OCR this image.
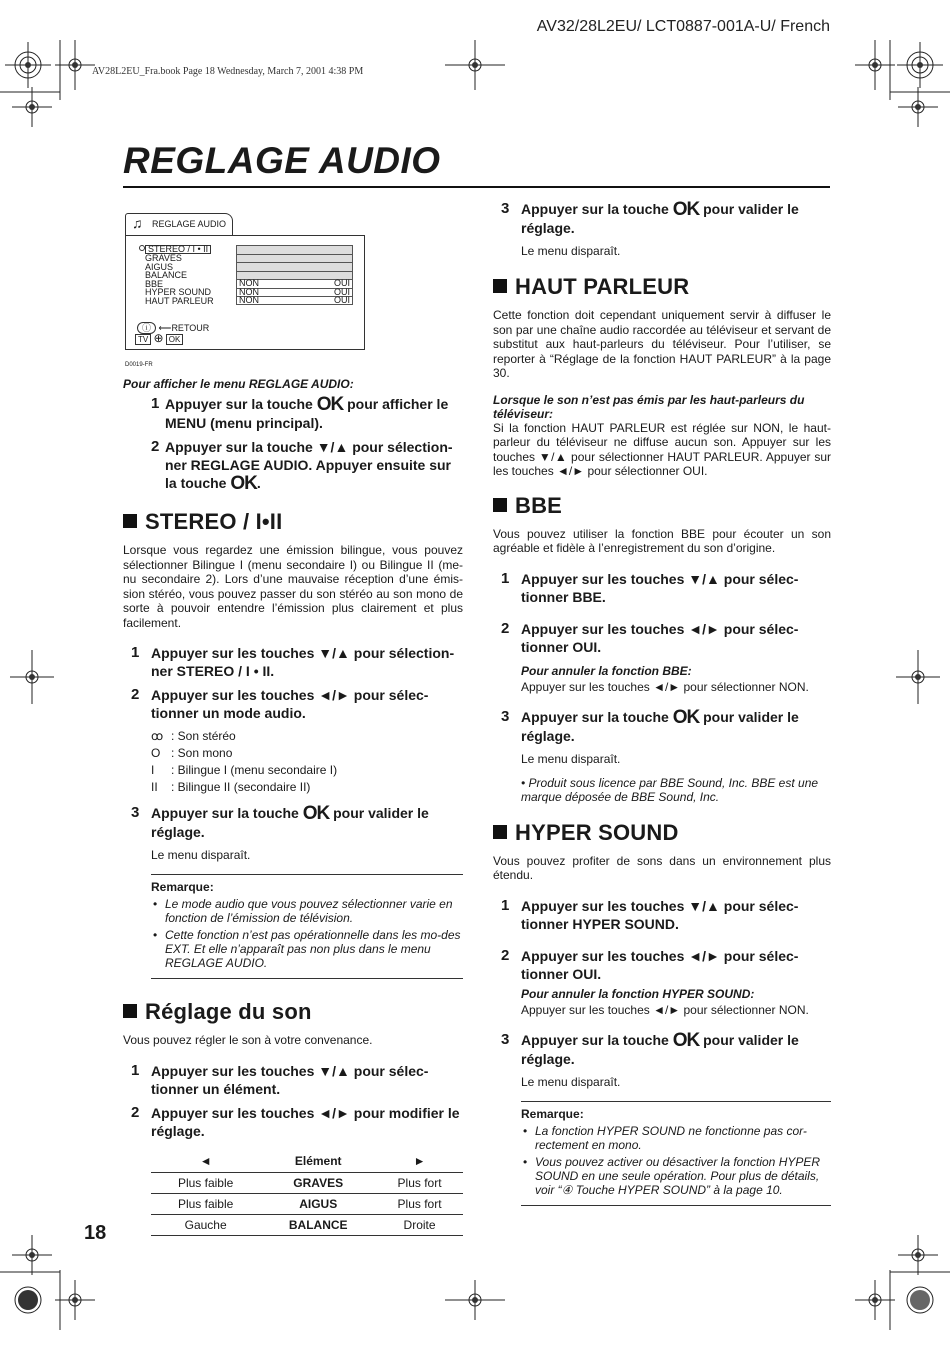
AV32/28L2EU/ LCT0887-001A-U/ French
AV28L2EU_Fra.book Page 18 Wednesday, March 7, 2001 4:38 PM
REGLAGE AUDIO
18
♫ REGLAGE AUDIO
STEREO / I • II
GRAVES
AIGUS
BALANCE
BBE
HYPER SOUND
HAUT PARLEUR
NON	OUI
NON	OUI
NON	OUI
ⓘ ⟵RETOUR
TV ⊕ OK
D0019-FR
Pour afficher le menu REGLAGE AUDIO:
1 Appuyer sur la touche OK pour afficher le MENU (menu principal).
2 Appuyer sur la touche ▼/▲ pour sélection-ner REGLAGE AUDIO. Appuyer ensuite sur la touche OK.
STEREO / I•II
Lorsque vous regardez une émission bilingue, vous pouvez sélectionner Bilingue I (menu secondaire I) ou Bilingue II (me-nu secondaire 2). Lors d’une mauvaise réception d’une émis-sion stéréo, vous pouvez passer du son stéréo au son mono de sorte à pouvoir entendre l’émission plus clairement et plus facilement.
1 Appuyer sur les touches ▼/▲ pour sélection-ner STEREO / I • II.
2 Appuyer sur les touches ◄/► pour sélec-tionner un mode audio.
ꝏ : Son stéréo
O : Son mono
I : Bilingue I (menu secondaire I)
II : Bilingue II (secondaire II)
3 Appuyer sur la touche OK pour valider le réglage.
Le menu disparaît.
Remarque:
• Le mode audio que vous pouvez sélectionner varie en fonction de l’émission de télévision.
• Cette fonction n’est pas opérationnelle dans les mo-des EXT. Et elle n’apparaît pas non plus dans le menu REGLAGE AUDIO.
Réglage du son
Vous pouvez régler le son à votre convenance.
1 Appuyer sur les touches ▼/▲ pour sélec-tionner un élément.
2 Appuyer sur les touches ◄/► pour modifier le réglage.
◄	Elément	►
Plus faible	GRAVES	Plus fort
Plus faible	AIGUS	Plus fort
Gauche	BALANCE	Droite
3 Appuyer sur la touche OK pour valider le réglage.
Le menu disparaît.
HAUT PARLEUR
Cette fonction doit cependant uniquement servir à diffuser le son par une chaîne audio raccordée au téléviseur et servant de substitut aux haut-parleurs du téléviseur. Pour l’utiliser, se reporter à “Réglage de la fonction HAUT PARLEUR” à la page 30.
Lorsque le son n’est pas émis par les haut-parleurs du téléviseur:
Si la fonction HAUT PARLEUR est réglée sur NON, le haut-parleur du téléviseur ne diffuse aucun son. Appuyer sur les touches ▼/▲ pour sélectionner HAUT PARLEUR. Appuyer sur les touches ◄/► pour sélectionner OUI.
BBE
Vous pouvez utiliser la fonction BBE pour écouter un son agréable et fidèle à l’enregistrement du son d’origine.
1 Appuyer sur les touches ▼/▲ pour sélec-tionner BBE.
2 Appuyer sur les touches ◄/► pour sélec-tionner OUI.
Pour annuler la fonction BBE:
Appuyer sur les touches ◄/► pour sélectionner NON.
3 Appuyer sur la touche OK pour valider le réglage.
Le menu disparaît.
• Produit sous licence par BBE Sound, Inc. BBE est une marque déposée de BBE Sound, Inc.
HYPER SOUND
Vous pouvez profiter de sons dans un environnement plus étendu.
1 Appuyer sur les touches ▼/▲ pour sélec-tionner HYPER SOUND.
2 Appuyer sur les touches ◄/► pour sélec-tionner OUI.
Pour annuler la fonction HYPER SOUND:
Appuyer sur les touches ◄/► pour sélectionner NON.
3 Appuyer sur la touche OK pour valider le réglage.
Le menu disparaît.
Remarque:
• La fonction HYPER SOUND ne fonctionne pas cor-rectement en mono.
• Vous pouvez activer ou désactiver la fonction HYPER SOUND en une seule opération. Pour plus de détails, voir “④ Touche HYPER SOUND” à la page 10.
